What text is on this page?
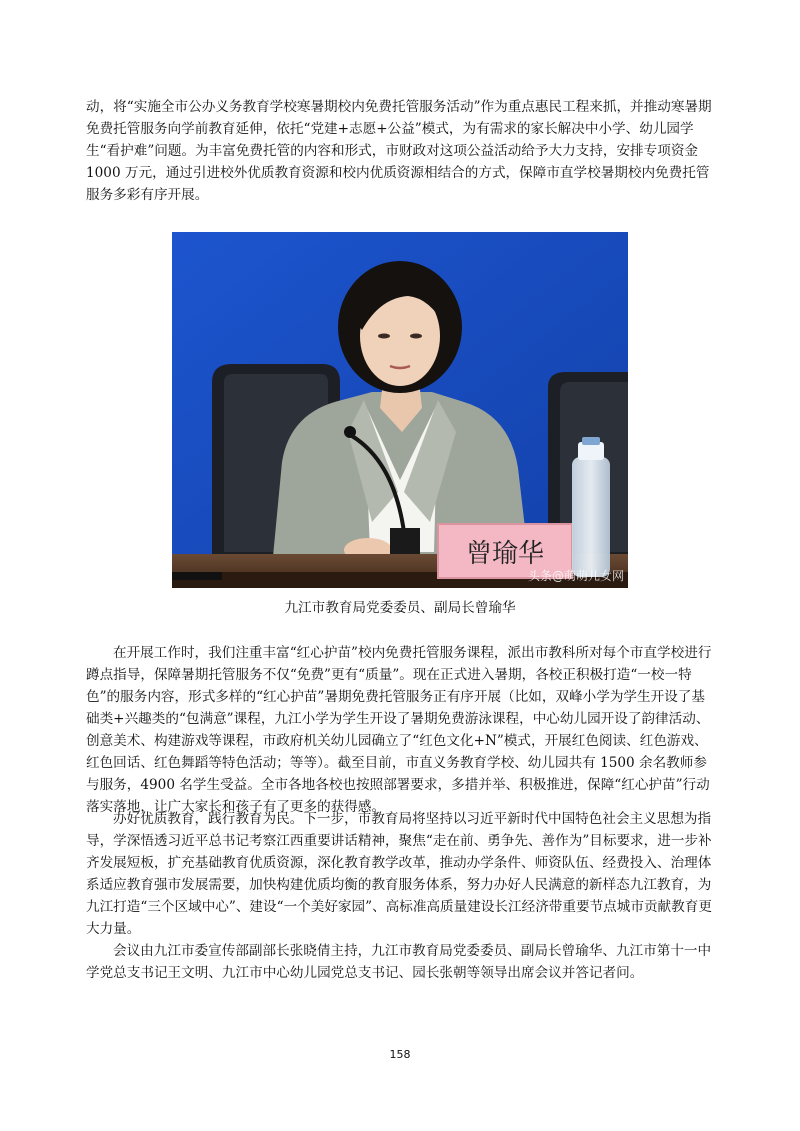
动，将“实施全市公办义务教育学校寒暑期校内免费托管服务活动”作为重点惠民工程来抓，并推动寒暑期免费托管服务向学前教育延伸，依托“党建+志愿+公益”模式，为有需求的家长解决中小学、幼儿园学生“看护难”问题。为丰富免费托管的内容和形式，市财政对这项公益活动给予大力支持，安排专项资金 1000 万元，通过引进校外优质教育资源和校内优质资源相结合的方式，保障市直学校暑期校内免费托管服务多彩有序开展。

曾瑜华
头条@萌萌儿女网
九江市教育局党委委员、副局长曾瑜华

在开展工作时，我们注重丰富“红心护苗”校内免费托管服务课程，派出市教科所对每个市直学校进行蹲点指导，保障暑期托管服务不仅“免费”更有“质量”。现在正式进入暑期，各校正积极打造“一校一特色”的服务内容，形式多样的“红心护苗”暑期免费托管服务正有序开展（比如，双峰小学为学生开设了基础类+兴趣类的“包满意”课程，九江小学为学生开设了暑期免费游泳课程，中心幼儿园开设了韵律活动、创意美术、构建游戏等课程，市政府机关幼儿园确立了“红色文化+N”模式，开展红色阅读、红色游戏、红色回话、红色舞蹈等特色活动；等等）。截至目前，市直义务教育学校、幼儿园共有 1500 余名教师参与服务，4900 名学生受益。全市各地各校也按照部署要求，多措并举、积极推进，保障“红心护苗”行动落实落地，让广大家长和孩子有了更多的获得感。

办好优质教育，践行教育为民。下一步，市教育局将坚持以习近平新时代中国特色社会主义思想为指导，学深悟透习近平总书记考察江西重要讲话精神，聚焦“走在前、勇争先、善作为”目标要求，进一步补齐发展短板，扩充基础教育优质资源，深化教育教学改革，推动办学条件、师资队伍、经费投入、治理体系适应教育强市发展需要，加快构建优质均衡的教育服务体系，努力办好人民满意的新样态九江教育，为九江打造“三个区域中心”、建设“一个美好家园”、高标准高质量建设长江经济带重要节点城市贡献教育更大力量。

会议由九江市委宣传部副部长张晓倩主持，九江市教育局党委委员、副局长曾瑜华、九江市第十一中学党总支书记王文明、九江市中心幼儿园党总支书记、园长张朝等领导出席会议并答记者问。

158
